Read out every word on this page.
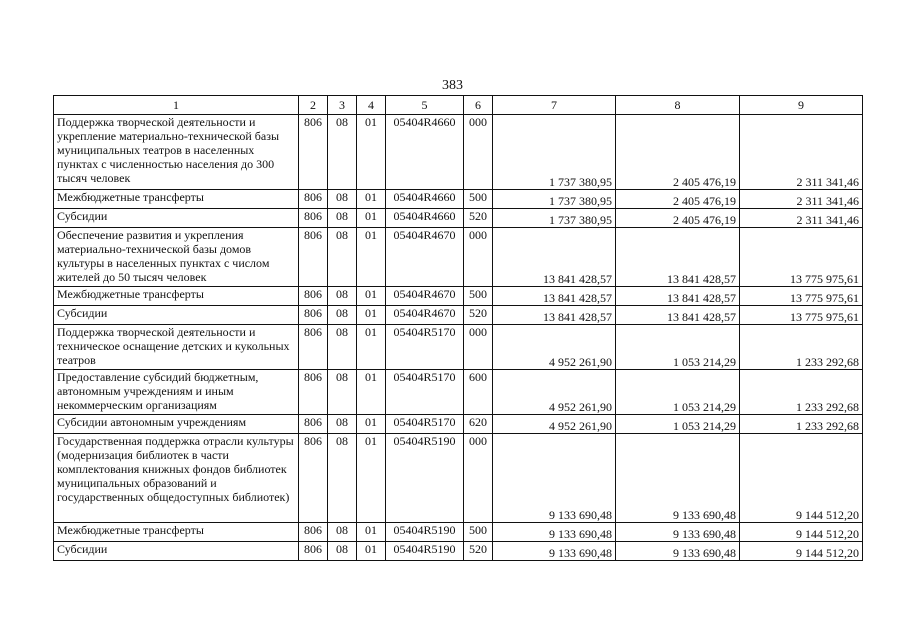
383
1	2	3	4	5	6	7	8	9
Поддержка творческой деятельности и укрепление материально-технической базы муниципальных театров в населенных пунктах с численностью населения до 300 тысяч человек	806	08	01	05404R4660	000	1 737 380,95	2 405 476,19	2 311 341,46
Межбюджетные трансферты	806	08	01	05404R4660	500	1 737 380,95	2 405 476,19	2 311 341,46
Субсидии	806	08	01	05404R4660	520	1 737 380,95	2 405 476,19	2 311 341,46
Обеспечение развития и укрепления материально-технической базы домов культуры в населенных пунктах с числом жителей до 50 тысяч человек	806	08	01	05404R4670	000	13 841 428,57	13 841 428,57	13 775 975,61
Межбюджетные трансферты	806	08	01	05404R4670	500	13 841 428,57	13 841 428,57	13 775 975,61
Субсидии	806	08	01	05404R4670	520	13 841 428,57	13 841 428,57	13 775 975,61
Поддержка творческой деятельности и техническое оснащение детских и кукольных театров	806	08	01	05404R5170	000	4 952 261,90	1 053 214,29	1 233 292,68
Предоставление субсидий бюджетным, автономным учреждениям и иным некоммерческим организациям	806	08	01	05404R5170	600	4 952 261,90	1 053 214,29	1 233 292,68
Субсидии автономным учреждениям	806	08	01	05404R5170	620	4 952 261,90	1 053 214,29	1 233 292,68
Государственная поддержка отрасли культуры (модернизация библиотек в части комплектования книжных фондов библиотек муниципальных образований и государственных общедоступных библиотек)	806	08	01	05404R5190	000	9 133 690,48	9 133 690,48	9 144 512,20
Межбюджетные трансферты	806	08	01	05404R5190	500	9 133 690,48	9 133 690,48	9 144 512,20
Субсидии	806	08	01	05404R5190	520	9 133 690,48	9 133 690,48	9 144 512,20
